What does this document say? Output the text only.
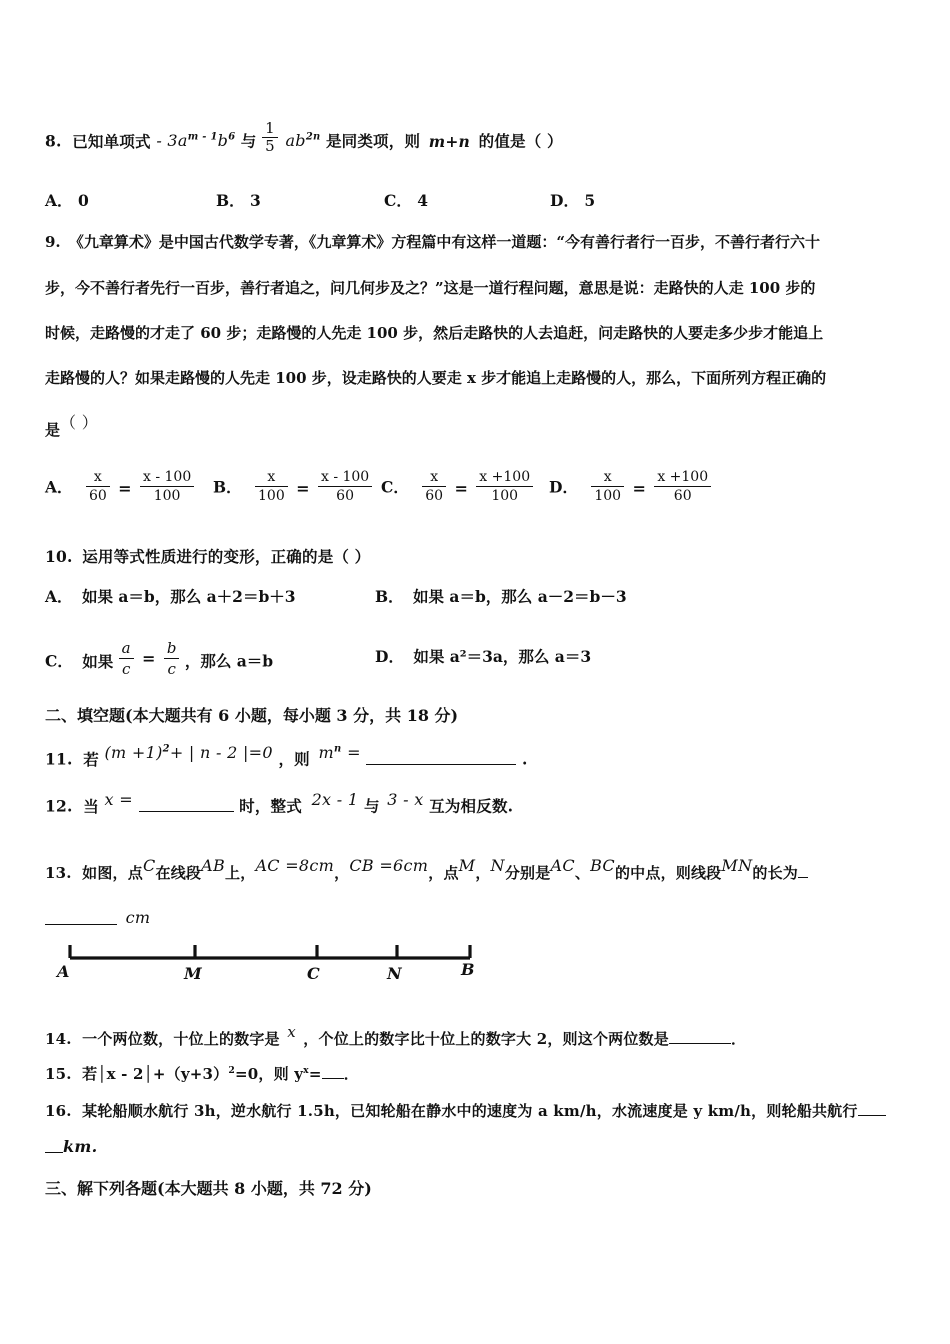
8. 已知单项式 - $3a^{m - 1}b^6$ 与 $\frac{1}{5} ab^{2n}$ 是同类项，则 m+n 的值是（ ）
A． 0	B． 3	C． 4	D． 5
9. 《九章算术》是中国古代数学专著，《九章算术》方程篇中有这样一道题：“今有善行者行一百步，不善行者行六十
步，今不善行者先行一百步，善行者追之，问几何步及之？”这是一道行程问题，意思是说：走路快的人走 100 步的
时候，走路慢的才走了 60 步；走路慢的人先走 100 步，然后走路快的人去追赶，问走路快的人要走多少步才能追上
走路慢的人？如果走路慢的人先走 100 步，设走路快的人要走 x 步才能追上走路慢的人，那么，下面所列方程正确的
是（ ）
A． $\frac{x}{60} = \frac{x - 100}{100}$ B． $\frac{x}{100} = \frac{x - 100}{60}$ C． $\frac{x}{60} = \frac{x +100}{100}$ D． $\frac{x}{100} = \frac{x +100}{60}$
10. 运用等式性质进行的变形，正确的是（ ）
A． 如果 a＝b，那么 a＋2＝b＋3	B． 如果 a＝b，那么 a－2＝b－3
C． 如果 $\frac{a}{c} = \frac{b}{c}$ ，那么 a＝b	D． 如果 a²＝3a，那么 a＝3
二、填空题(本大题共有 6 小题，每小题 3 分，共 18 分)
11. 若 $(m +1)^2+$ | n - 2 |=0 ，则 $m^n$ =	.
12. 当 x =	时，整式 2x - 1 与 3 - x 互为相反数.
13. 如图，点C在线段AB上，AC =8cm，CB =6cm，点M，N分别是AC、BC的中点，则线段MN的长为
cm
A	M	C	N	B
14. 一个两位数，十位上的数字是 x ，个位上的数字比十位上的数字大 2，则这个两位数是	．
15. 若│x - $2│+(y+3)^2=0$，则 $y^x=$ ．
16. 某轮船顺水航行 3h，逆水航行 1.5h，已知轮船在静水中的速度为 a km/h，水流速度是 y km/h，则轮船共航行
km.
三、解下列各题(本大题共 8 小题，共 72 分)
